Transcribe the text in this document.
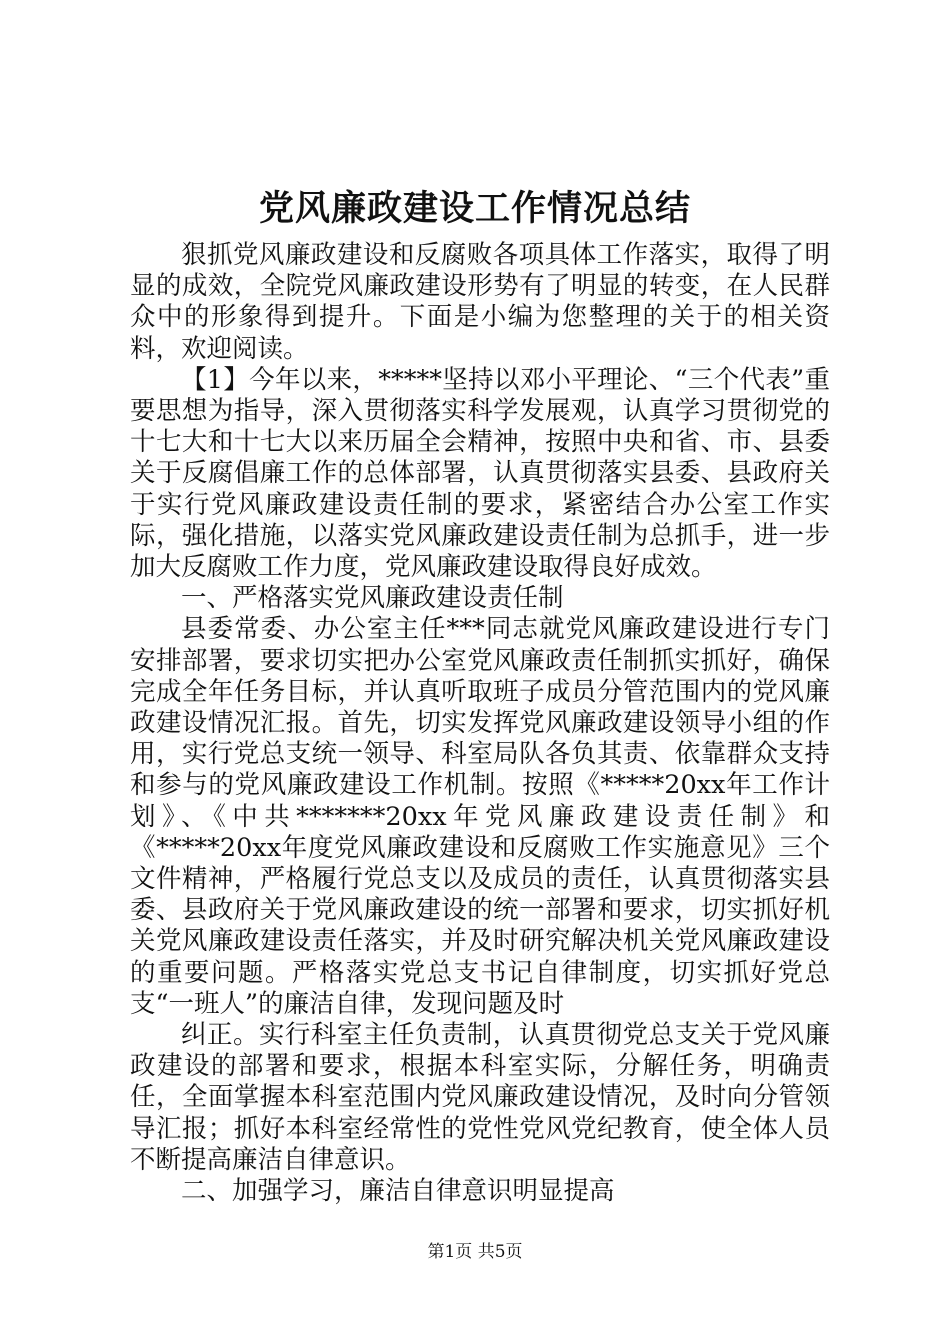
党风廉政建设工作情况总结

狠抓党风廉政建设和反腐败各项具体工作落实，取得了明显的成效，全院党风廉政建设形势有了明显的转变，在人民群众中的形象得到提升。下面是小编为您整理的关于的相关资料，欢迎阅读。

【1】今年以来，*****坚持以邓小平理论、“三个代表”重要思想为指导，深入贯彻落实科学发展观，认真学习贯彻党的十七大和十七大以来历届全会精神，按照中央和省、市、县委关于反腐倡廉工作的总体部署，认真贯彻落实县委、县政府关于实行党风廉政建设责任制的要求，紧密结合办公室工作实际，强化措施，以落实党风廉政建设责任制为总抓手，进一步加大反腐败工作力度，党风廉政建设取得良好成效。

一、严格落实党风廉政建设责任制

县委常委、办公室主任***同志就党风廉政建设进行专门安排部署，要求切实把办公室党风廉政责任制抓实抓好，确保完成全年任务目标，并认真听取班子成员分管范围内的党风廉政建设情况汇报。首先，切实发挥党风廉政建设领导小组的作用，实行党总支统一领导、科室局队各负其责、依靠群众支持和参与的党风廉政建设工作机制。按照《*****20xx年工作计划》、《中共*******20xx年党风廉政建设责任制》和《*****20xx年度党风廉政建设和反腐败工作实施意见》三个文件精神，严格履行党总支以及成员的责任，认真贯彻落实县委、县政府关于党风廉政建设的统一部署和要求，切实抓好机关党风廉政建设责任落实，并及时研究解决机关党风廉政建设的重要问题。严格落实党总支书记自律制度，切实抓好党总支“一班人”的廉洁自律，发现问题及时

纠正。实行科室主任负责制，认真贯彻党总支关于党风廉政建设的部署和要求，根据本科室实际，分解任务，明确责任，全面掌握本科室范围内党风廉政建设情况，及时向分管领导汇报；抓好本科室经常性的党性党风党纪教育，使全体人员不断提高廉洁自律意识。

二、加强学习，廉洁自律意识明显提高

第1页 共5页
